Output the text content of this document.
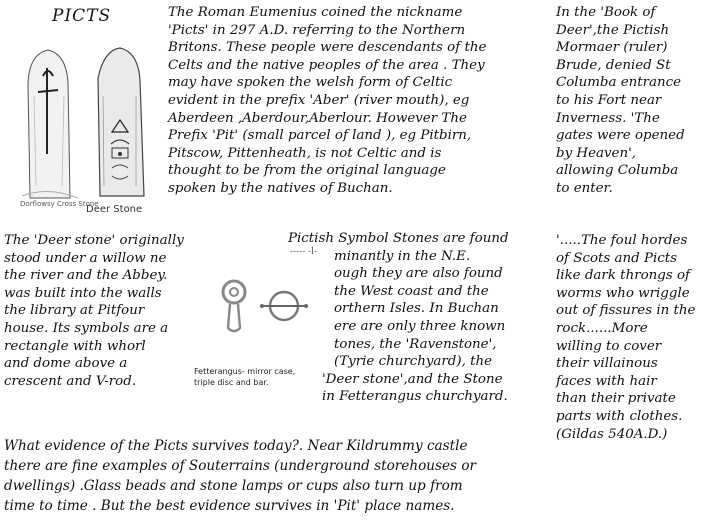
PICTS
Dorflowsy Cross Stone
Deer Stone
The Roman Eumenius coined the nickname
'Picts' in 297 A.D. referring to the Northern
Britons. These people were descendants of the
Celts and the native peoples of the area . They
may have spoken the welsh form of Celtic
evident in the prefix 'Aber' (river mouth), eg
Aberdeen ,Aberdour,Aberlour. However The
Prefix 'Pit' (small parcel of land ), eg Pitbirn,
Pitscow, Pittenheath, is not Celtic and is
thought to be from the original language
spoken by the natives of Buchan.
In the 'Book of
Deer',the Pictish
Mormaer (ruler)
Brude, denied St
Columba entrance
to his Fort near
Inverness. 'The
gates were opened
by Heaven',
allowing Columba
to enter.
The 'Deer stone' originally
stood under a willow ne
the river and the Abbey.
was built into the walls
the library at Pitfour
house. Its symbols are a
rectangle with whorl
and dome above a
crescent and V-rod.
Fetterangus- mirror case,
triple disc and bar.
----- -l-
Pictish Symbol Stones are found
minantly in the N.E.
ough they are also found
the West coast and the
orthern Isles. In Buchan
ere are only three known
tones, the 'Ravenstone',
(Tyrie churchyard), the
'Deer stone',and the Stone
in Fetterangus churchyard.
'.....The foul hordes
of Scots and Picts
like dark throngs of
worms who wriggle
out of fissures in the
rock......More
willing to cover
their villainous
faces with hair
than their private
parts with clothes.
(Gildas 540A.D.)
What evidence of the Picts survives today?. Near Kildrummy castle
there are fine examples of Souterrains (underground storehouses or
dwellings) .Glass beads and stone lamps or cups also turn up from
time to time . But the best evidence survives in 'Pit' place names.
